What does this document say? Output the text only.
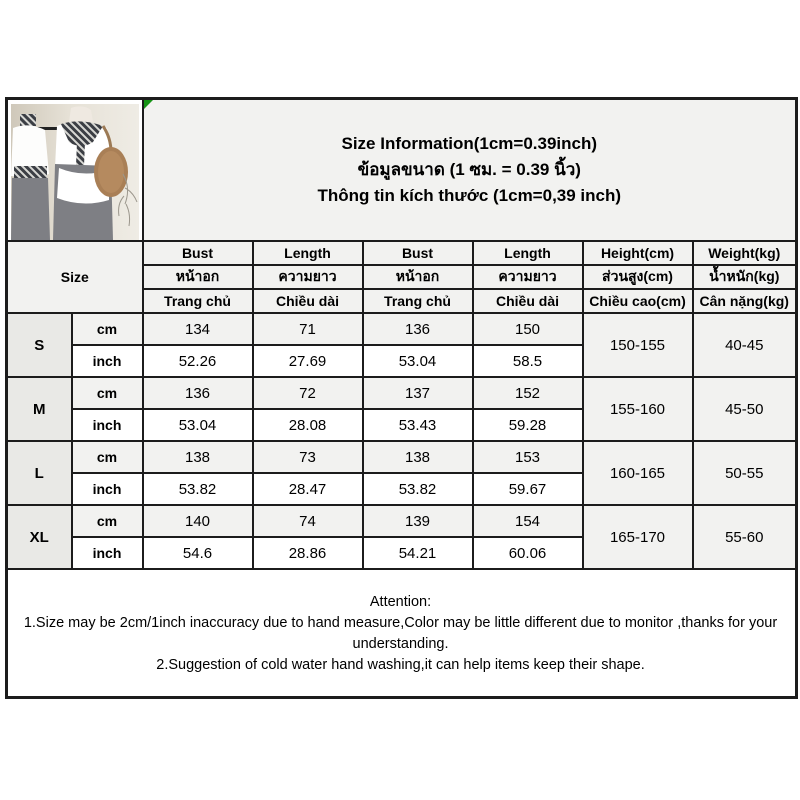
Size Information(1cm=0.39inch)
ข้อมูลขนาด (1 ซม. = 0.39 นิ้ว)
Thông tin kích thước (1cm=0,39 inch)					

Size		Bust	Length	Bust	Length	Height(cm)	Weight(kg)
		หน้าอก	ความยาว	หน้าอก	ความยาว	ส่วนสูง(cm)	น้ำหนัก(kg)
		Trang chủ	Chiều dài	Trang chủ	Chiều dài	Chiều cao(cm)	Cân nặng(kg)
S	cm	134	71	136	150	150-155	40-45
	inch	52.26	27.69	53.04	58.5		
M	cm	136	72	137	152	155-160	45-50
	inch	53.04	28.08	53.43	59.28		
L	cm	138	73	138	153	160-165	50-55
	inch	53.82	28.47	53.82	59.67		
XL	cm	140	74	139	154	165-170	55-60
	inch	54.6	28.86	54.21	60.06		

Attention:
1.Size may be 2cm/1inch inaccuracy due to hand measure,Color may be little different due to monitor ,thanks for your understanding.
2.Suggestion of cold water hand washing,it can help items keep their shape.							
